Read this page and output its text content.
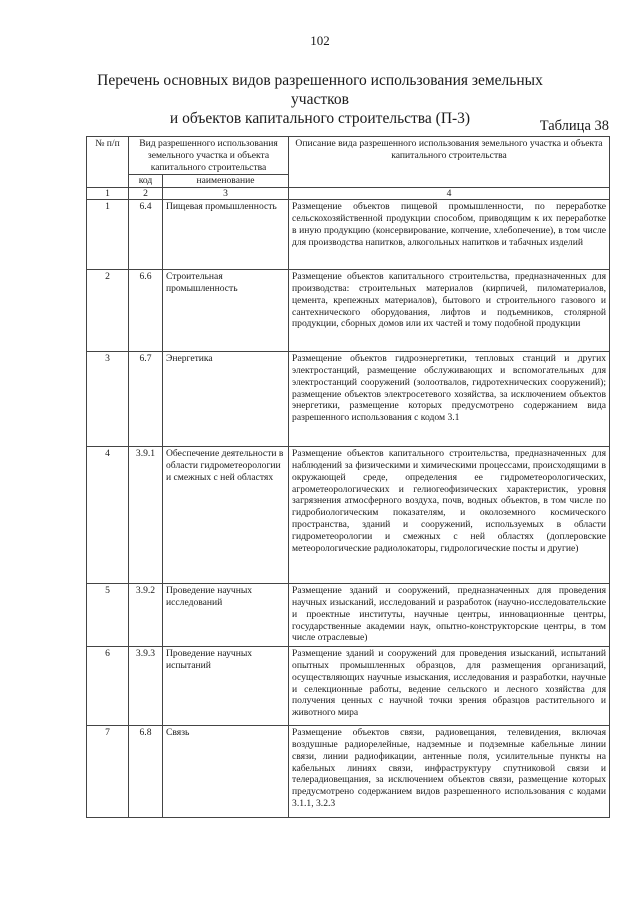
102
Перечень основных видов разрешенного использования земельных участков
и объектов капитального строительства (П-3)	Таблица 38
№ п/п	Вид разрешенного использования земельного участка и объекта капитального строительства		Описание вида разрешенного использования земельного участка и объекта капитального строительства
	код	наименование	
1	2	3	4
1	6.4	Пищевая промышленность	Размещение объектов пищевой промышленности, по переработке сельскохозяйственной продукции способом, приводящим к их переработке в иную продукцию (консервирование, копчение, хлебопечение), в том числе для производства напитков, алкогольных напитков и табачных изделий
2	6.6	Строительная промышленность	Размещение объектов капитального строительства, предназначенных для производства: строительных материалов (кирпичей, пиломатериалов, цемента, крепежных материалов), бытового и строительного газового и сантехнического оборудования, лифтов и подъемников, столярной продукции, сборных домов или их частей и тому подобной продукции
3	6.7	Энергетика	Размещение объектов гидроэнергетики, тепловых станций и других электростанций, размещение обслуживающих и вспомогательных для электростанций сооружений (золоотвалов, гидротехнических сооружений); размещение объектов электросетевого хозяйства, за исключением объектов энергетики, размещение которых предусмотрено содержанием вида разрешенного использования с кодом 3.1
4	3.9.1	Обеспечение деятельности в области гидрометеорологии и смежных с ней областях	Размещение объектов капитального строительства, предназначенных для наблюдений за физическими и химическими процессами, происходящими в окружающей среде, определения ее гидрометеорологических, агрометеорологических и гелиогеофизических характеристик, уровня загрязнения атмосферного воздуха, почв, водных объектов, в том числе по гидробиологическим показателям, и околоземного космического пространства, зданий и сооружений, используемых в области гидрометеорологии и смежных с ней областях (доплеровские метеорологические радиолокаторы, гидрологические посты и другие)
5	3.9.2	Проведение научных исследований	Размещение зданий и сооружений, предназначенных для проведения научных изысканий, исследований и разработок (научно-исследовательские и проектные институты, научные центры, инновационные центры, государственные академии наук, опытно-конструкторские центры, в том числе отраслевые)
6	3.9.3	Проведение научных испытаний	Размещение зданий и сооружений для проведения изысканий, испытаний опытных промышленных образцов, для размещения организаций, осуществляющих научные изыскания, исследования и разработки, научные и селекционные работы, ведение сельского и лесного хозяйства для получения ценных с научной точки зрения образцов растительного и животного мира
7	6.8	Связь	Размещение объектов связи, радиовещания, телевидения, включая воздушные радиорелейные, надземные и подземные кабельные линии связи, линии радиофикации, антенные поля, усилительные пункты на кабельных линиях связи, инфраструктуру спутниковой связи и телерадиовещания, за исключением объектов связи, размещение которых предусмотрено содержанием видов разрешенного использования с кодами 3.1.1, 3.2.3
